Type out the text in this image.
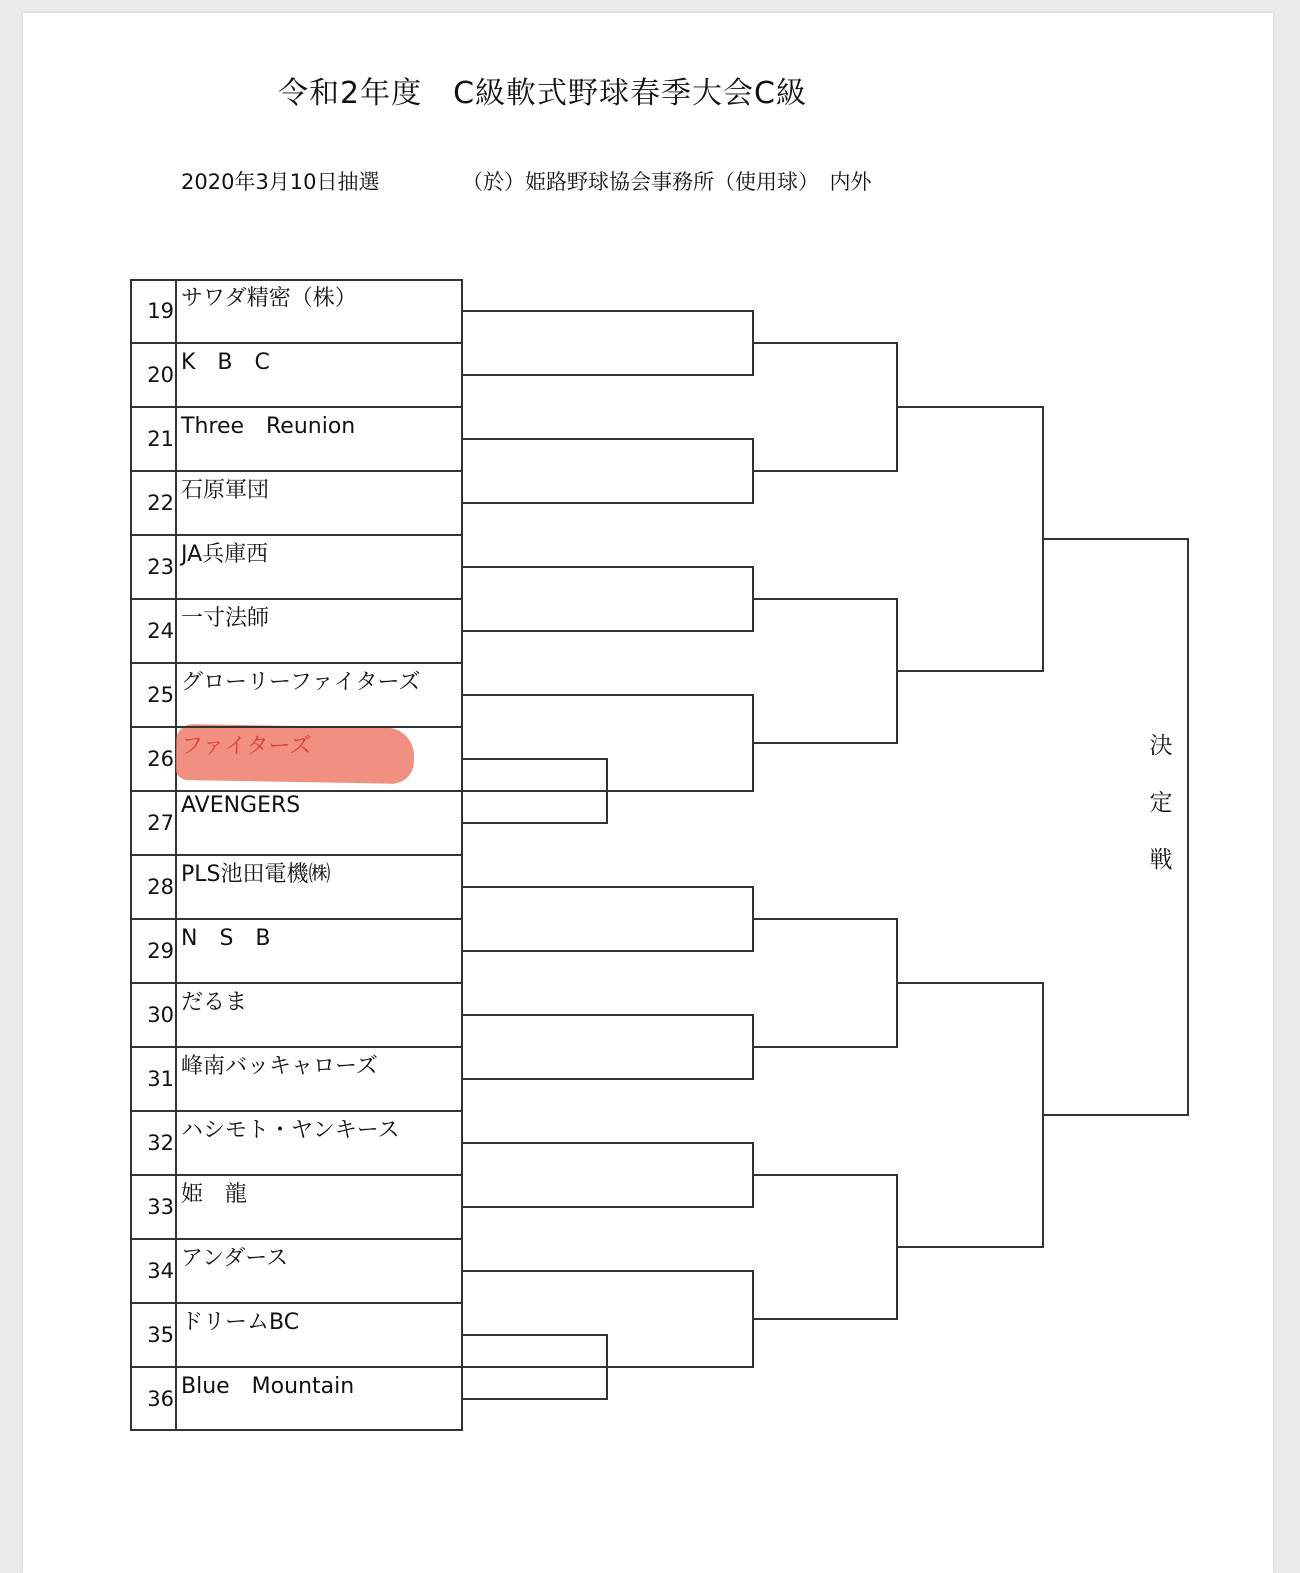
令和2年度　C級軟式野球春季大会C級
2020年3月10日抽選	（於）姫路野球協会事務所（使用球）　内外
19 サワダ精密（株）
20 K　B　C
21 Three　Reunion
22 石原軍団
23 JA兵庫西
24 一寸法師
25 グローリーファイターズ
26 ファイターズ
27
AVENGERS
28 PLS池田電機㈱
29 N　S　B
30 だるま
31 峰南バッキャローズ
32 ハシモト・ヤンキース
33 姫　龍
34 アンダース
35 ドリームBC
36 Blue　Mountain
決
定
戦
